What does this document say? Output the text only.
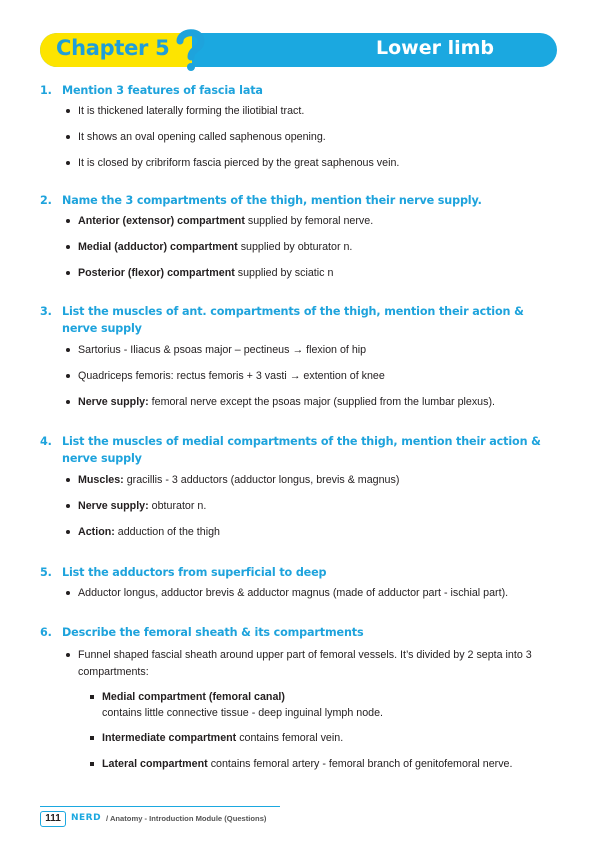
Chapter 5	Lower limb
1. Mention 3 features of fascia lata
It is thickened laterally forming the iliotibial tract.
It shows an oval opening called saphenous opening.
It is closed by cribriform fascia pierced by the great saphenous vein.
2. Name the 3 compartments of the thigh, mention their nerve supply.
Anterior (extensor) compartment supplied by femoral nerve.
Medial (adductor) compartment supplied by obturator n.
Posterior (flexor) compartment supplied by sciatic n
3. List the muscles of ant. compartments of the thigh, mention their action & nerve supply
Sartorius - Iliacus & psoas major – pectineus → flexion of hip
Quadriceps femoris: rectus femoris + 3 vasti → extention of knee
Nerve supply: femoral nerve except the psoas major (supplied from the lumbar plexus).
4. List the muscles of medial compartments of the thigh, mention their action & nerve supply
Muscles: gracillis - 3 adductors (adductor longus, brevis & magnus)
Nerve supply: obturator n.
Action: adduction of the thigh
5. List the adductors from superficial to deep
Adductor longus, adductor brevis & adductor magnus (made of adductor part - ischial part).
6. Describe the femoral sheath & its compartments
Funnel shaped fascial sheath around upper part of femoral vessels. It’s divided by 2 septa into 3 compartments:
Medial compartment (femoral canal)
contains little connective tissue - deep inguinal lymph node.
Intermediate compartment contains femoral vein.
Lateral compartment contains femoral artery - femoral branch of genitofemoral nerve.
111	NERD / Anatomy - Introduction Module (Questions)
